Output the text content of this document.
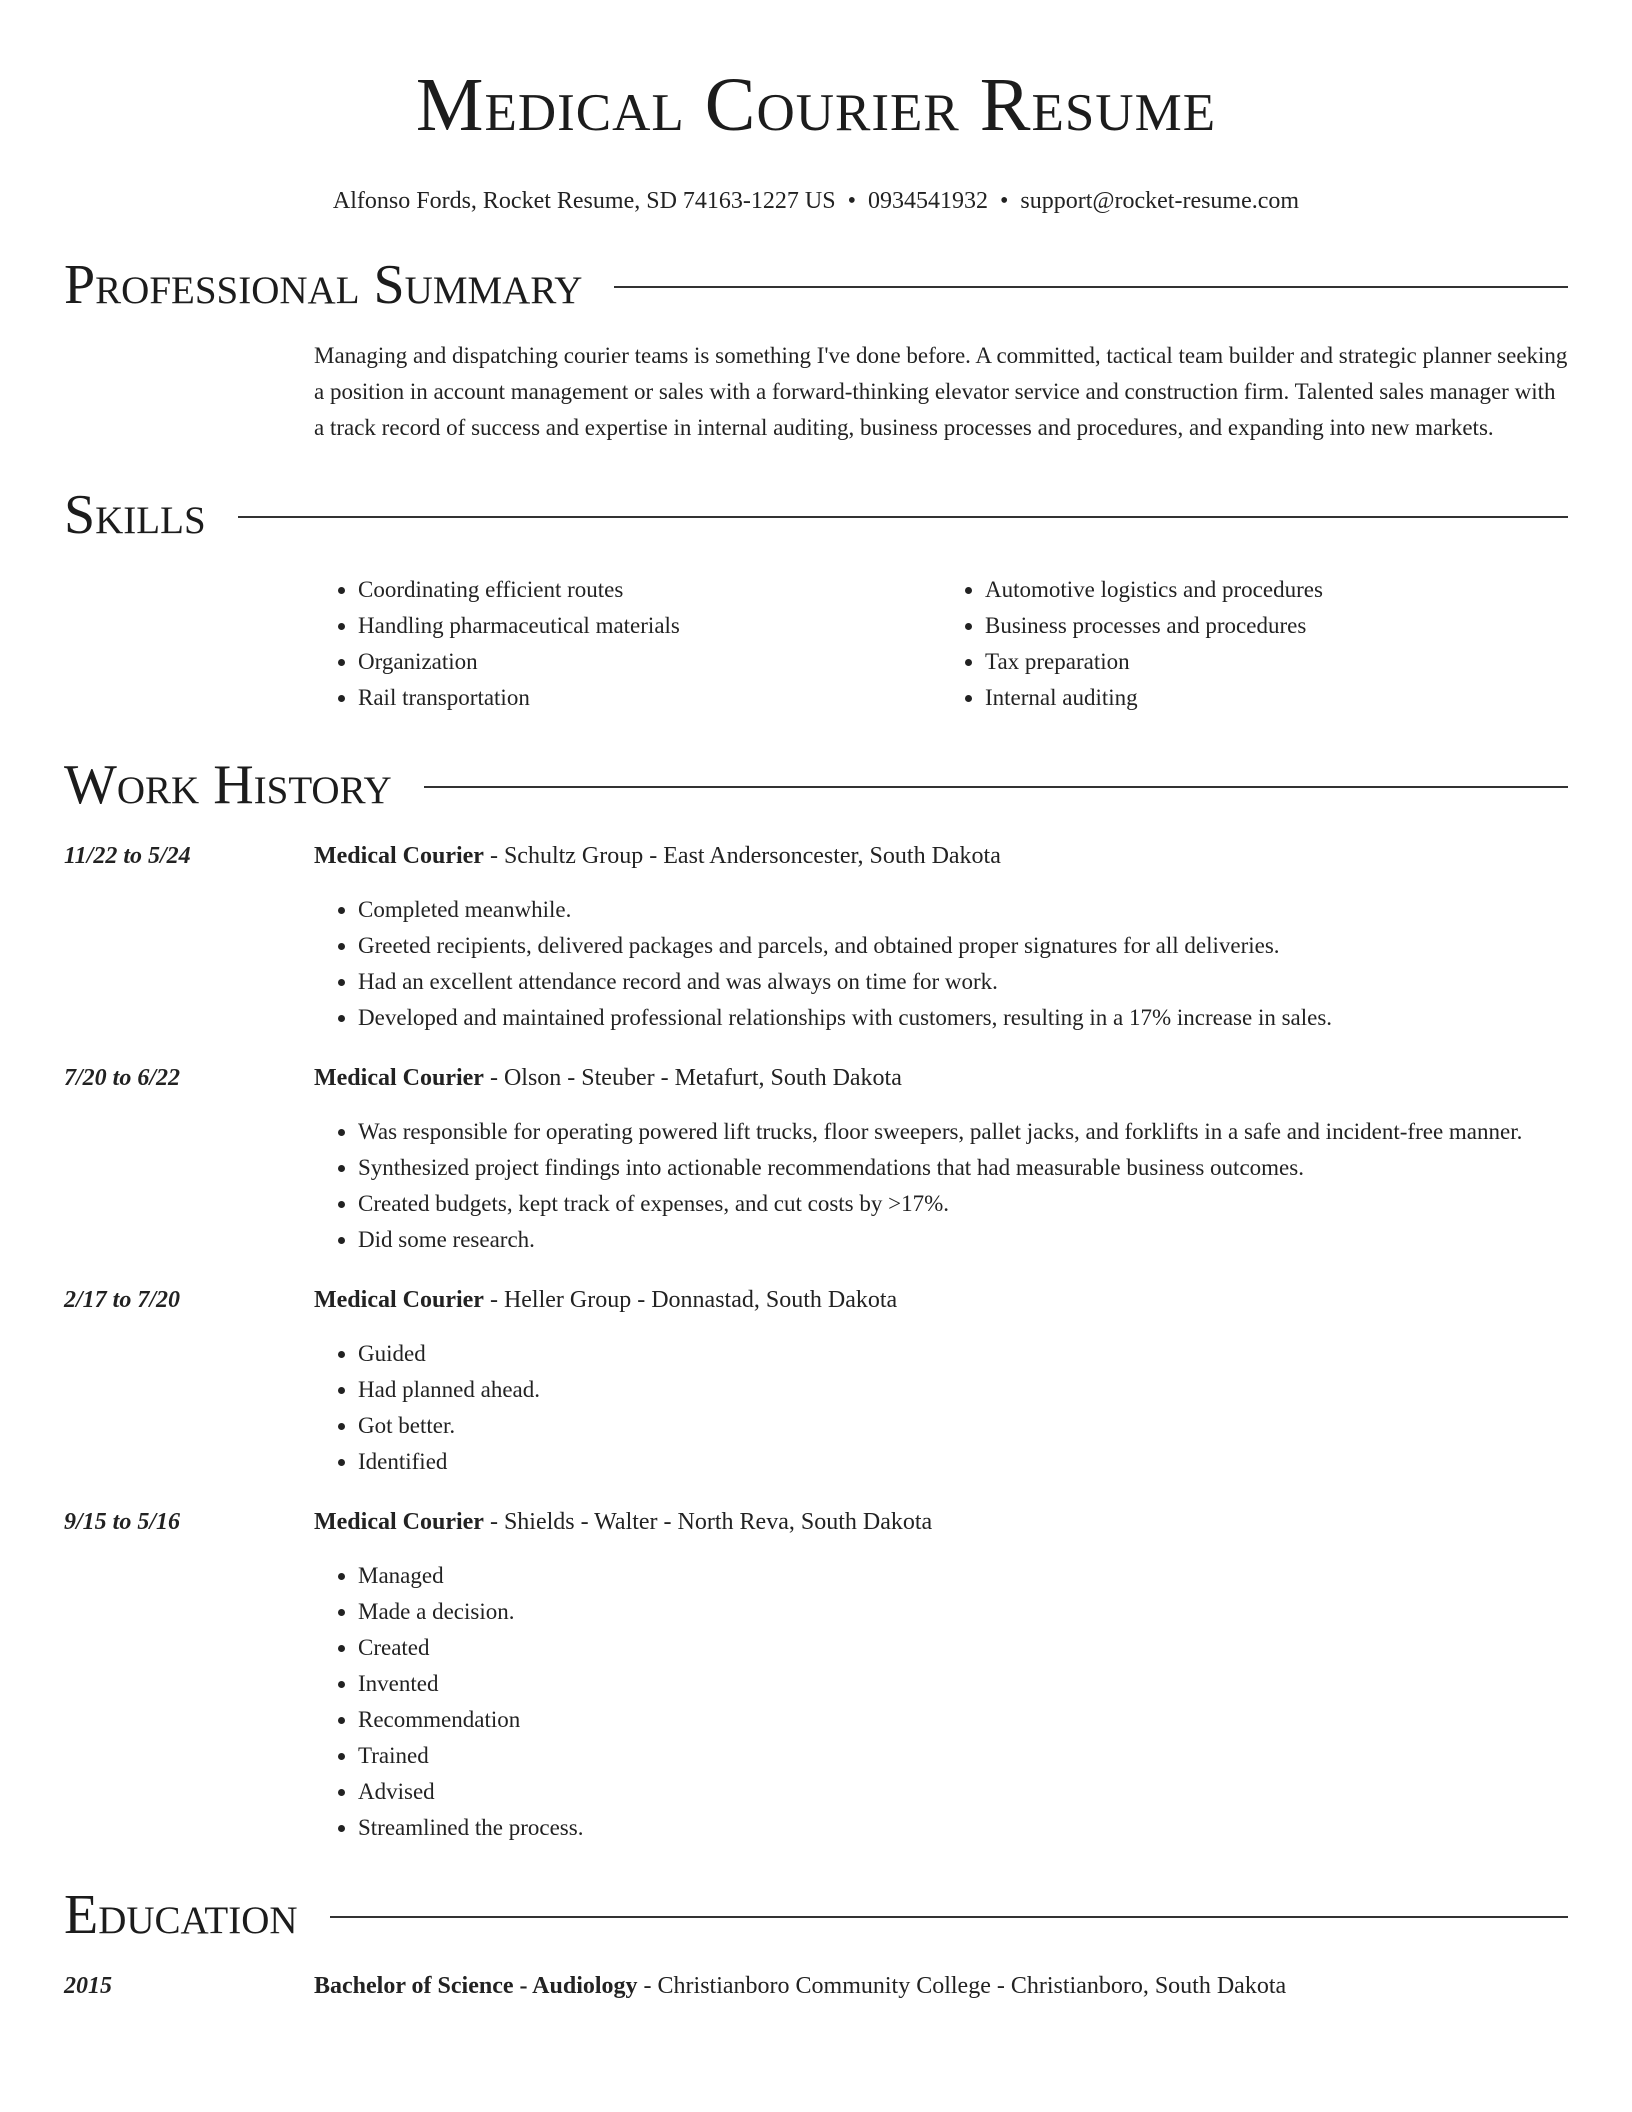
Medical Courier Resume
Alfonso Fords, Rocket Resume, SD 74163-1227 US • 0934541932 • support@rocket-resume.com
Professional Summary

Managing and dispatching courier teams is something I've done before. A committed, tactical team builder and strategic planner seeking a position in account management or sales with a forward-thinking elevator service and construction firm. Talented sales manager with a track record of success and expertise in internal auditing, business processes and procedures, and expanding into new markets.

Skills
• Coordinating efficient routes
• Handling pharmaceutical materials
• Organization
• Rail transportation
• Automotive logistics and procedures
• Business processes and procedures
• Tax preparation
• Internal auditing
Work History
11/22 to 5/24	Medical Courier - Schultz Group - East Andersoncester, South Dakota
• Completed meanwhile.
• Greeted recipients, delivered packages and parcels, and obtained proper signatures for all deliveries.
• Had an excellent attendance record and was always on time for work.
• Developed and maintained professional relationships with customers, resulting in a 17% increase in sales.
7/20 to 6/22	Medical Courier - Olson - Steuber - Metafurt, South Dakota
• Was responsible for operating powered lift trucks, floor sweepers, pallet jacks, and forklifts in a safe and incident-free manner.
• Synthesized project findings into actionable recommendations that had measurable business outcomes.
• Created budgets, kept track of expenses, and cut costs by >17%.
• Did some research.
2/17 to 7/20	Medical Courier - Heller Group - Donnastad, South Dakota
• Guided
• Had planned ahead.
• Got better.
• Identified
9/15 to 5/16	Medical Courier - Shields - Walter - North Reva, South Dakota
• Managed
• Made a decision.
• Created
• Invented
• Recommendation
• Trained
• Advised
• Streamlined the process.
Education
2015	Bachelor of Science - Audiology - Christianboro Community College - Christianboro, South Dakota
